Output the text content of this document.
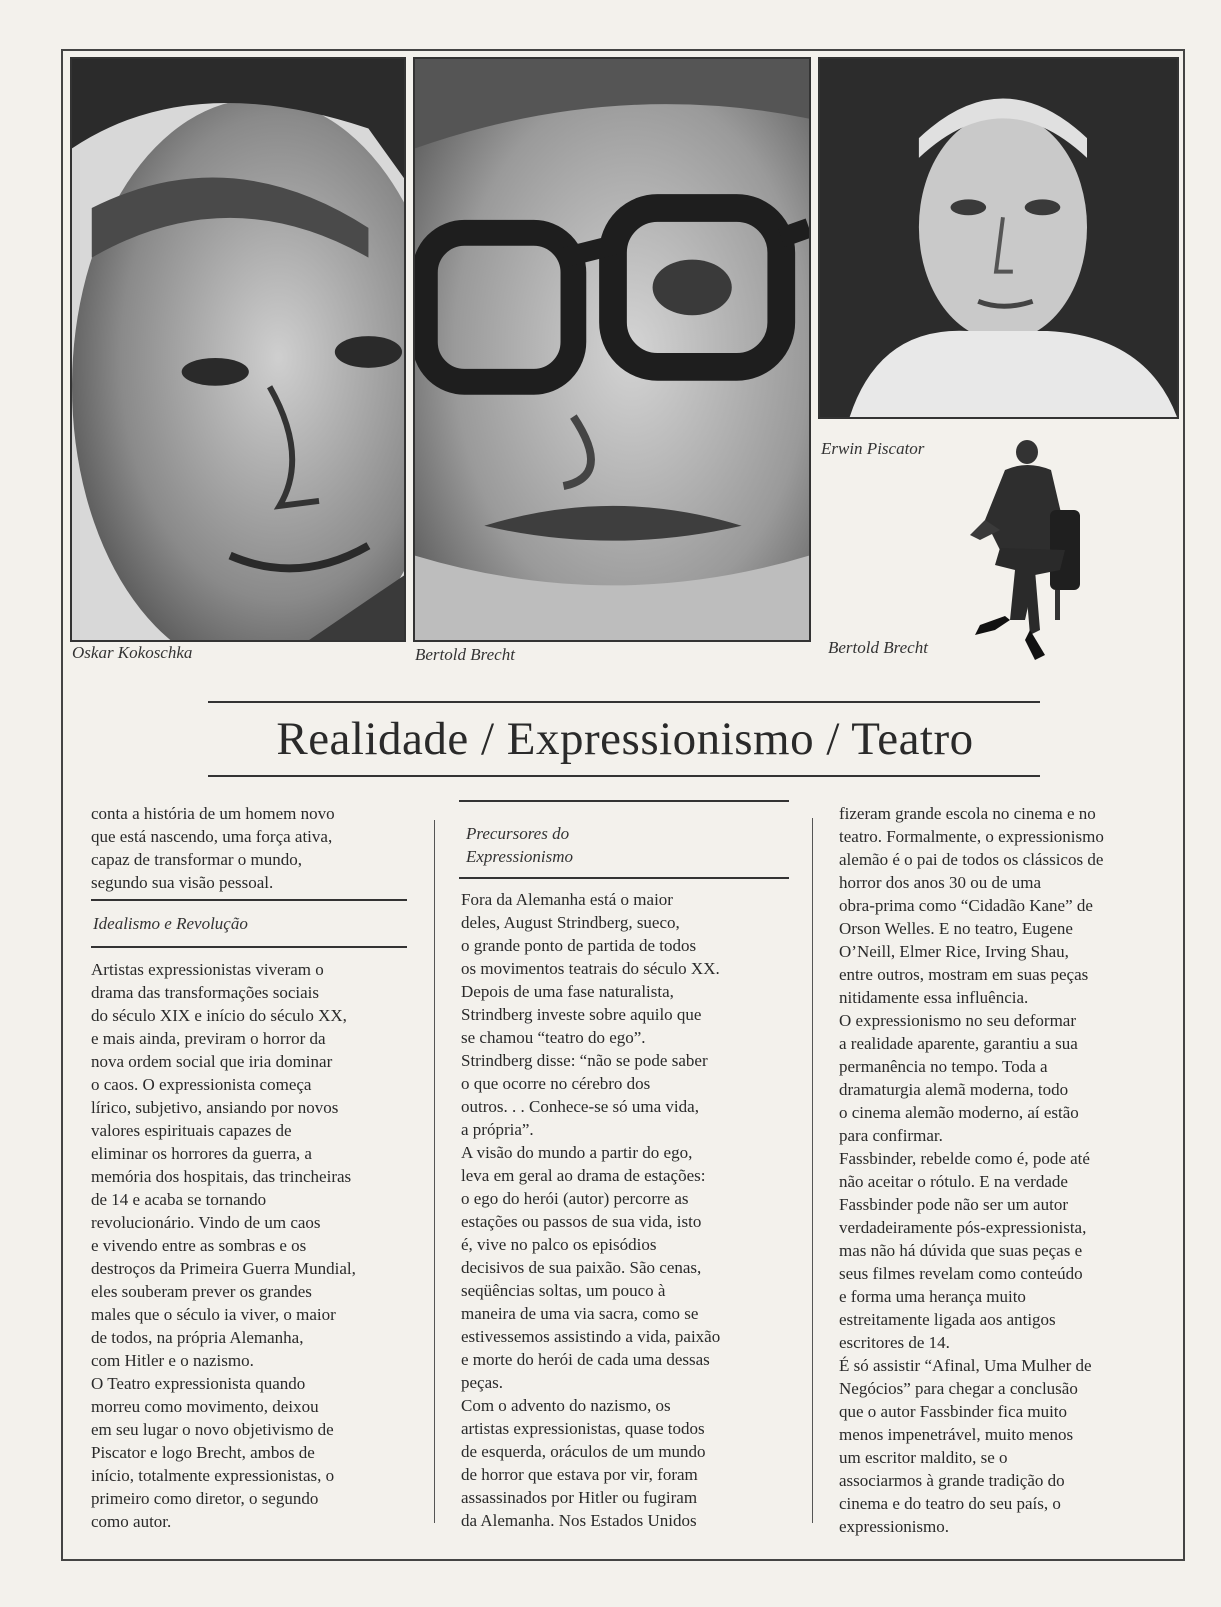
Erwin Piscator
Oskar Kokoschka	Bertold Brecht	Bertold Brecht
Realidade / Expressionismo / Teatro

conta a história de um homem novo
que está nascendo, uma força ativa,
capaz de transformar o mundo,
segundo sua visão pessoal.

Idealismo e Revolução

Artistas expressionistas viveram o
drama das transformações sociais
do século XIX e início do século XX,
e mais ainda, previram o horror da
nova ordem social que iria dominar
o caos. O expressionista começa
lírico, subjetivo, ansiando por novos
valores espirituais capazes de
eliminar os horrores da guerra, a
memória dos hospitais, das trincheiras
de 14 e acaba se tornando
revolucionário. Vindo de um caos
e vivendo entre as sombras e os
destroços da Primeira Guerra Mundial,
eles souberam prever os grandes
males que o século ia viver, o maior
de todos, na própria Alemanha,
com Hitler e o nazismo.
O Teatro expressionista quando
morreu como movimento, deixou
em seu lugar o novo objetivismo de
Piscator e logo Brecht, ambos de
início, totalmente expressionistas, o
primeiro como diretor, o segundo
como autor.

Precursores do
Expressionismo

Fora da Alemanha está o maior
deles, August Strindberg, sueco,
o grande ponto de partida de todos
os movimentos teatrais do século XX.
Depois de uma fase naturalista,
Strindberg investe sobre aquilo que
se chamou “teatro do ego”.
Strindberg disse: “não se pode saber
o que ocorre no cérebro dos
outros. . . Conhece-se só uma vida,
a própria”.
A visão do mundo a partir do ego,
leva em geral ao drama de estações:
o ego do herói (autor) percorre as
estações ou passos de sua vida, isto
é, vive no palco os episódios
decisivos de sua paixão. São cenas,
seqüências soltas, um pouco à
maneira de uma via sacra, como se
estivessemos assistindo a vida, paixão
e morte do herói de cada uma dessas
peças.
Com o advento do nazismo, os
artistas expressionistas, quase todos
de esquerda, oráculos de um mundo
de horror que estava por vir, foram
assassinados por Hitler ou fugiram
da Alemanha. Nos Estados Unidos

fizeram grande escola no cinema e no
teatro. Formalmente, o expressionismo
alemão é o pai de todos os clássicos de
horror dos anos 30 ou de uma
obra-prima como “Cidadão Kane” de
Orson Welles. E no teatro, Eugene
O’Neill, Elmer Rice, Irving Shau,
entre outros, mostram em suas peças
nitidamente essa influência.
O expressionismo no seu deformar
a realidade aparente, garantiu a sua
permanência no tempo. Toda a
dramaturgia alemã moderna, todo
o cinema alemão moderno, aí estão
para confirmar.
Fassbinder, rebelde como é, pode até
não aceitar o rótulo. E na verdade
Fassbinder pode não ser um autor
verdadeiramente pós-expressionista,
mas não há dúvida que suas peças e
seus filmes revelam como conteúdo
e forma uma herança muito
estreitamente ligada aos antigos
escritores de 14.
É só assistir “Afinal, Uma Mulher de
Negócios” para chegar a conclusão
que o autor Fassbinder fica muito
menos impenetrável, muito menos
um escritor maldito, se o
associarmos à grande tradição do
cinema e do teatro do seu país, o
expressionismo.
